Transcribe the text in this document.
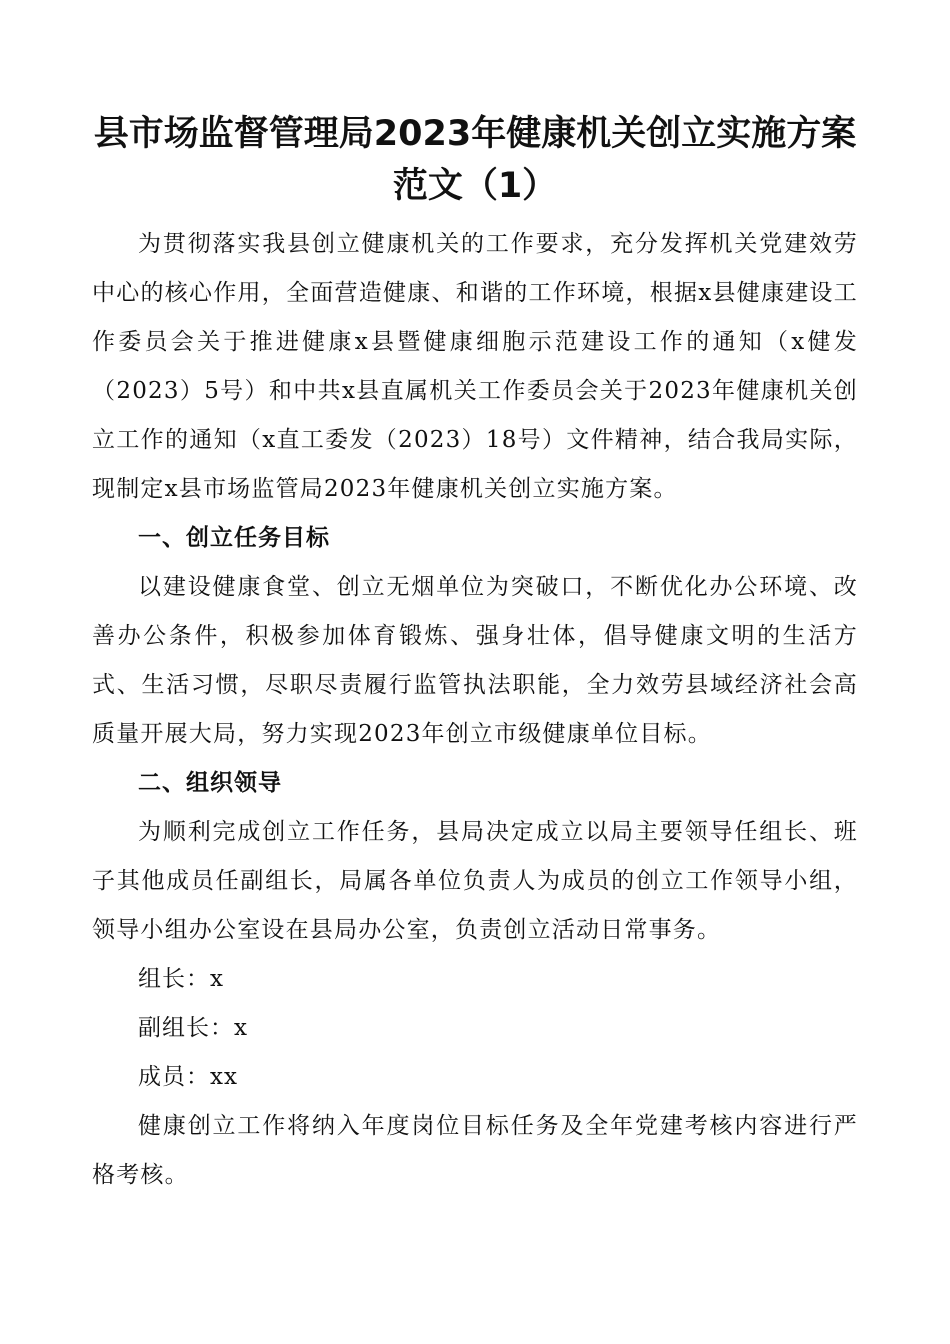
县市场监督管理局2023年健康机关创立实施方案
范文（1）

为贯彻落实我县创立健康机关的工作要求，充分发挥机关党建效劳中心的核心作用，全面营造健康、和谐的工作环境，根据x县健康建设工作委员会关于推进健康x县暨健康细胞示范建设工作的通知（x健发（2023）5号）和中共x县直属机关工作委员会关于2023年健康机关创立工作的通知（x直工委发（2023）18号）文件精神，结合我局实际，现制定x县市场监管局2023年健康机关创立实施方案。

一、创立任务目标

以建设健康食堂、创立无烟单位为突破口，不断优化办公环境、改善办公条件，积极参加体育锻炼、强身壮体，倡导健康文明的生活方式、生活习惯，尽职尽责履行监管执法职能，全力效劳县域经济社会高质量开展大局，努力实现2023年创立市级健康单位目标。

二、组织领导

为顺利完成创立工作任务，县局决定成立以局主要领导任组长、班子其他成员任副组长，局属各单位负责人为成员的创立工作领导小组，领导小组办公室设在县局办公室，负责创立活动日常事务。

组长：x

副组长：x

成员：xx

健康创立工作将纳入年度岗位目标任务及全年党建考核内容进行严格考核。
